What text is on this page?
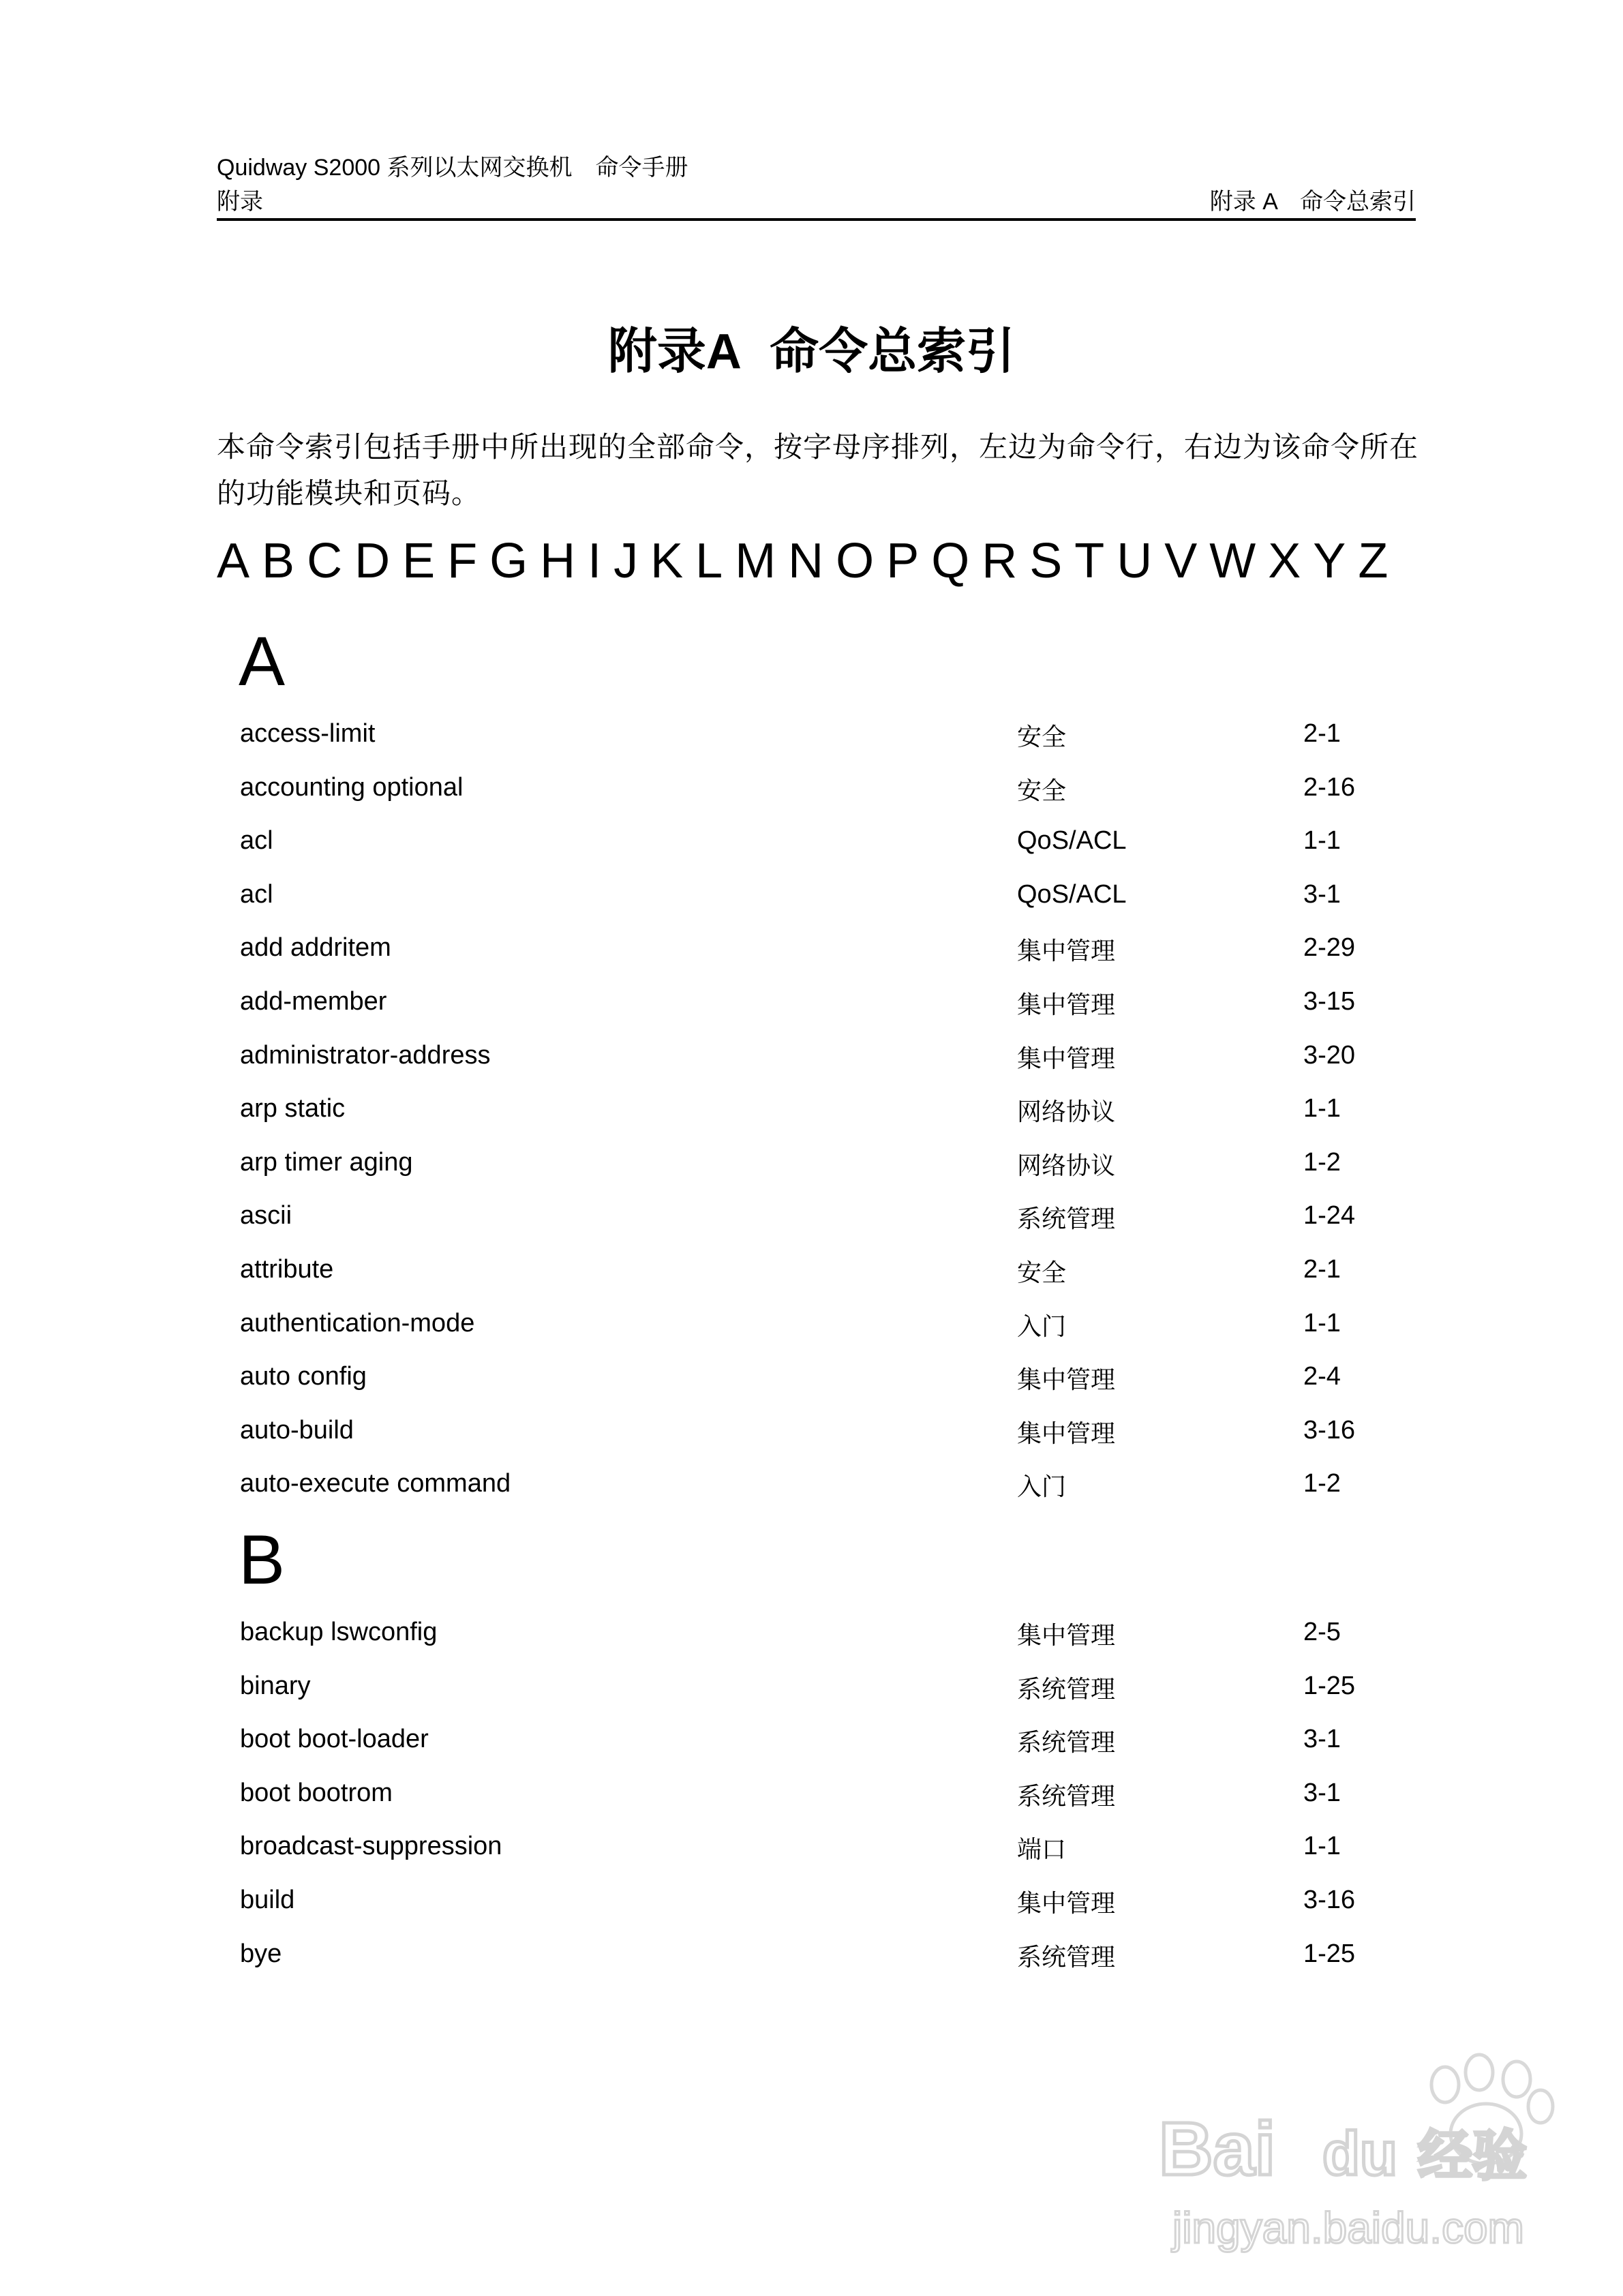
Quidway S2000 系列以太网交换机　命令手册
附录	附录 A　命令总索引
附录A 命令总索引
本命令索引包括手册中所出现的全部命令，按字母序排列，左边为命令行，右边为该命令所在的功能模块和页码。
A B C D E F G H I J K L M N O P Q R S T U V W X Y Z
A
access-limit	安全	2-1
accounting optional	安全	2-16
acl	QoS/ACL	1-1
acl	QoS/ACL	3-1
add addritem	集中管理	2-29
add-member	集中管理	3-15
administrator-address	集中管理	3-20
arp static	网络协议	1-1
arp timer aging	网络协议	1-2
ascii	系统管理	1-24
attribute	安全	2-1
authentication-mode	入门	1-1
auto config	集中管理	2-4
auto-build	集中管理	3-16
auto-execute command	入门	1-2
B
backup lswconfig	集中管理	2-5
binary	系统管理	1-25
boot boot-loader	系统管理	3-1
boot bootrom	系统管理	3-1
broadcast-suppression	端口	1-1
build	集中管理	3-16
bye	系统管理	1-25
Bai du 经验
jingyan.baidu.com
